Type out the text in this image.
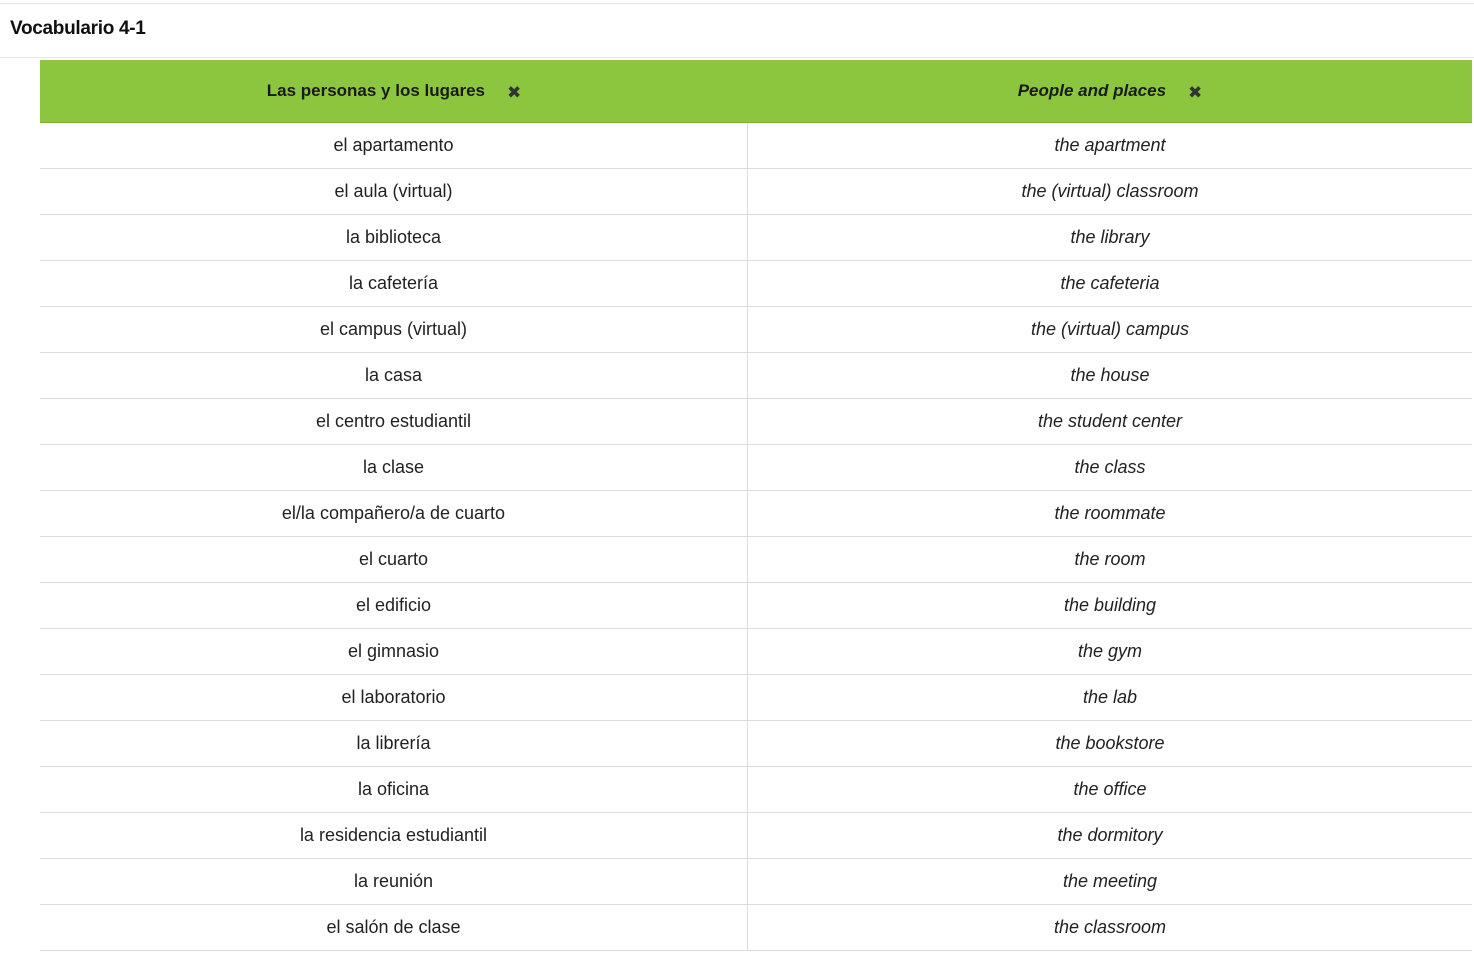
Vocabulario 4-1
Las personas y los lugares ✖	People and places ✖
el apartamento	the apartment
el aula (virtual)	the (virtual) classroom
la biblioteca	the library
la cafetería	the cafeteria
el campus (virtual)	the (virtual) campus
la casa	the house
el centro estudiantil	the student center
la clase	the class
el/la compañero/a de cuarto	the roommate
el cuarto	the room
el edificio	the building
el gimnasio	the gym
el laboratorio	the lab
la librería	the bookstore
la oficina	the office
la residencia estudiantil	the dormitory
la reunión	the meeting
el salón de clase	the classroom
